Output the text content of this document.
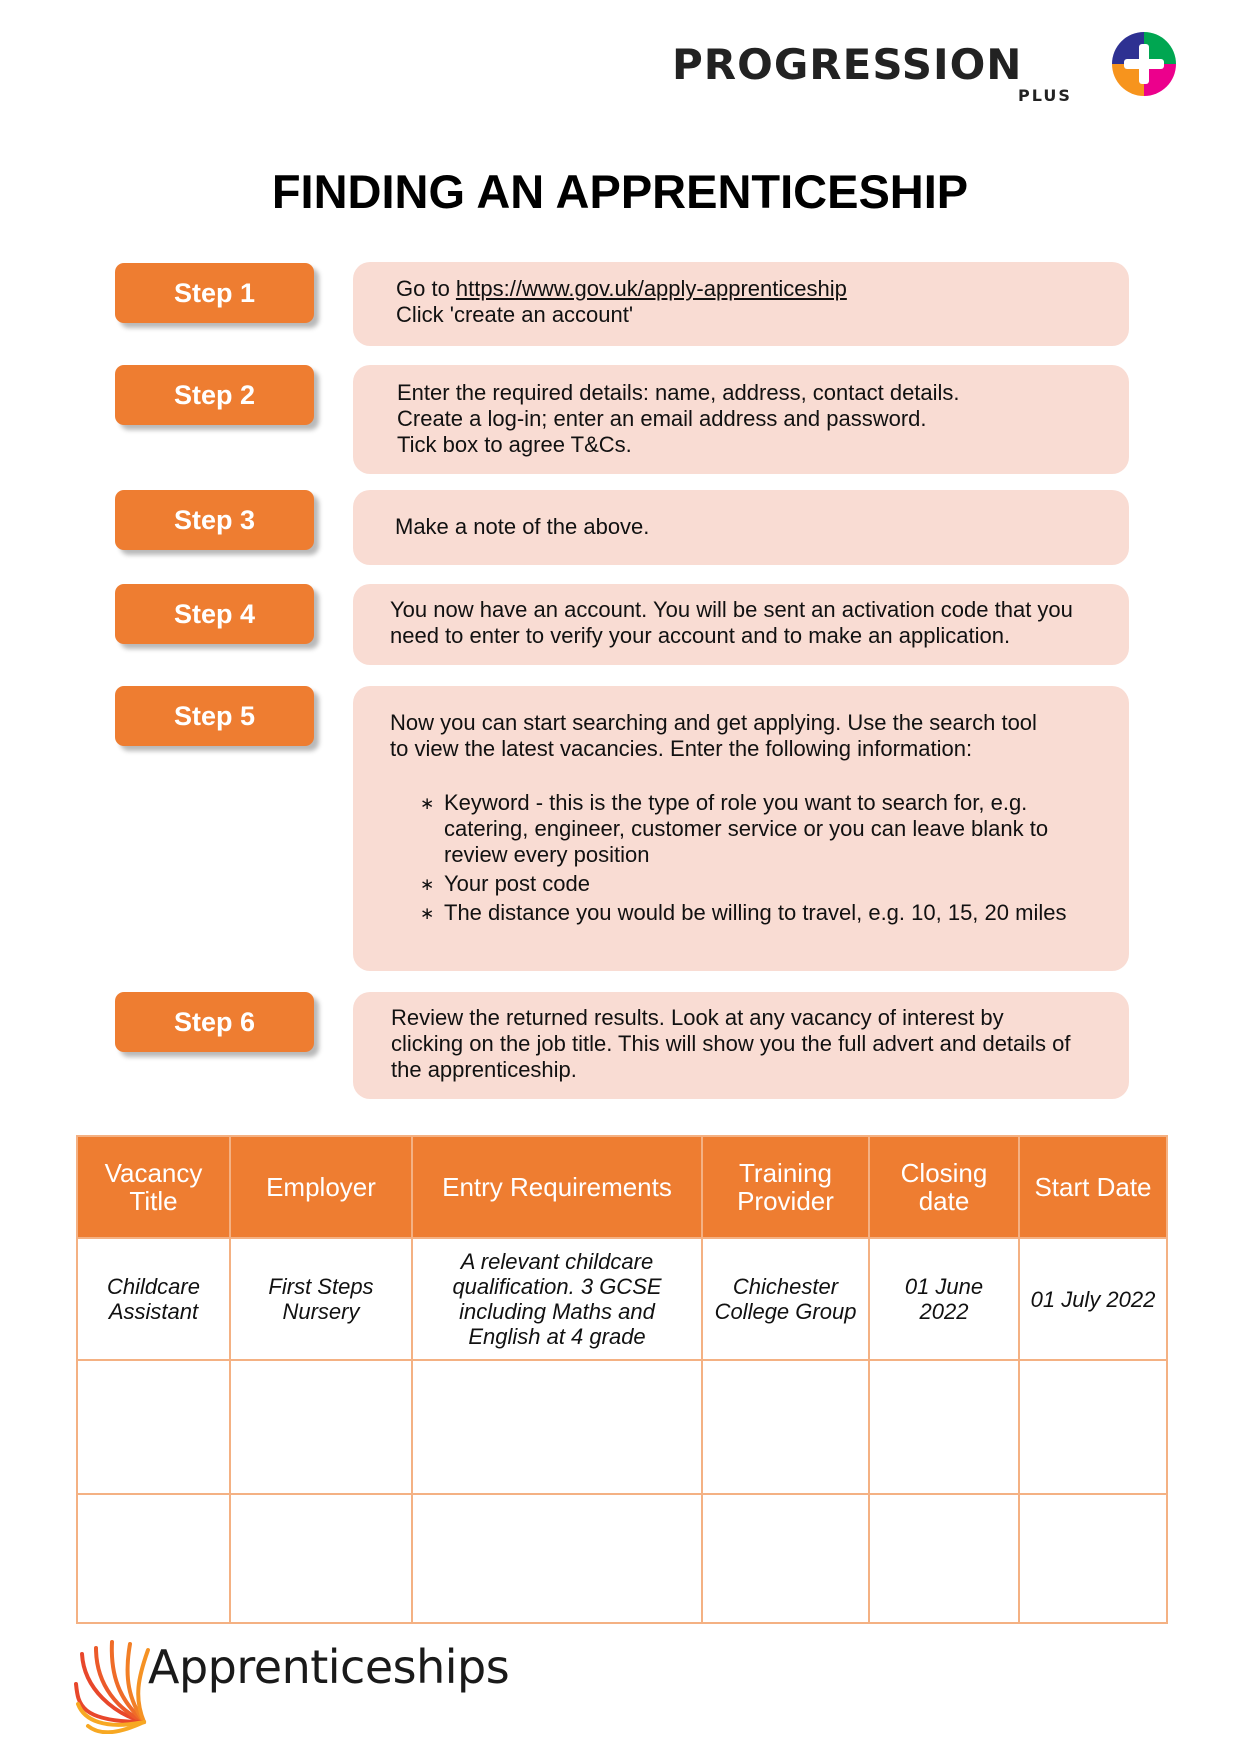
PROGRESSION
PLUS
FINDING AN APPRENTICESHIP
Step 1	Go to https://www.gov.uk/apply-apprenticeship
Click 'create an account'
Step 2	Enter the required details: name, address, contact details.
Create a log-in; enter an email address and password.
Tick box to agree T&Cs.
Step 3	Make a note of the above.
Step 4	You now have an account. You will be sent an activation code that you
need to enter to verify your account and to make an application.
Step 5	Now you can start searching and get applying. Use the search tool
to view the latest vacancies. Enter the following information:
∗ Keyword - this is the type of role you want to search for, e.g. catering, engineer, customer service or you can leave blank to review every position
∗ Your post code
∗ The distance you would be willing to travel, e.g. 10, 15, 20 miles
Step 6	Review the returned results. Look at any vacancy of interest by
clicking on the job title. This will show you the full advert and details of
the apprenticeship.
Vacancy Title	Employer	Entry Requirements	Training Provider	Closing date	Start Date
Childcare Assistant	First Steps Nursery	A relevant childcare qualification. 3 GCSE including Maths and English at 4 grade	Chichester College Group	01 June 2022	01 July 2022

Apprenticeships
